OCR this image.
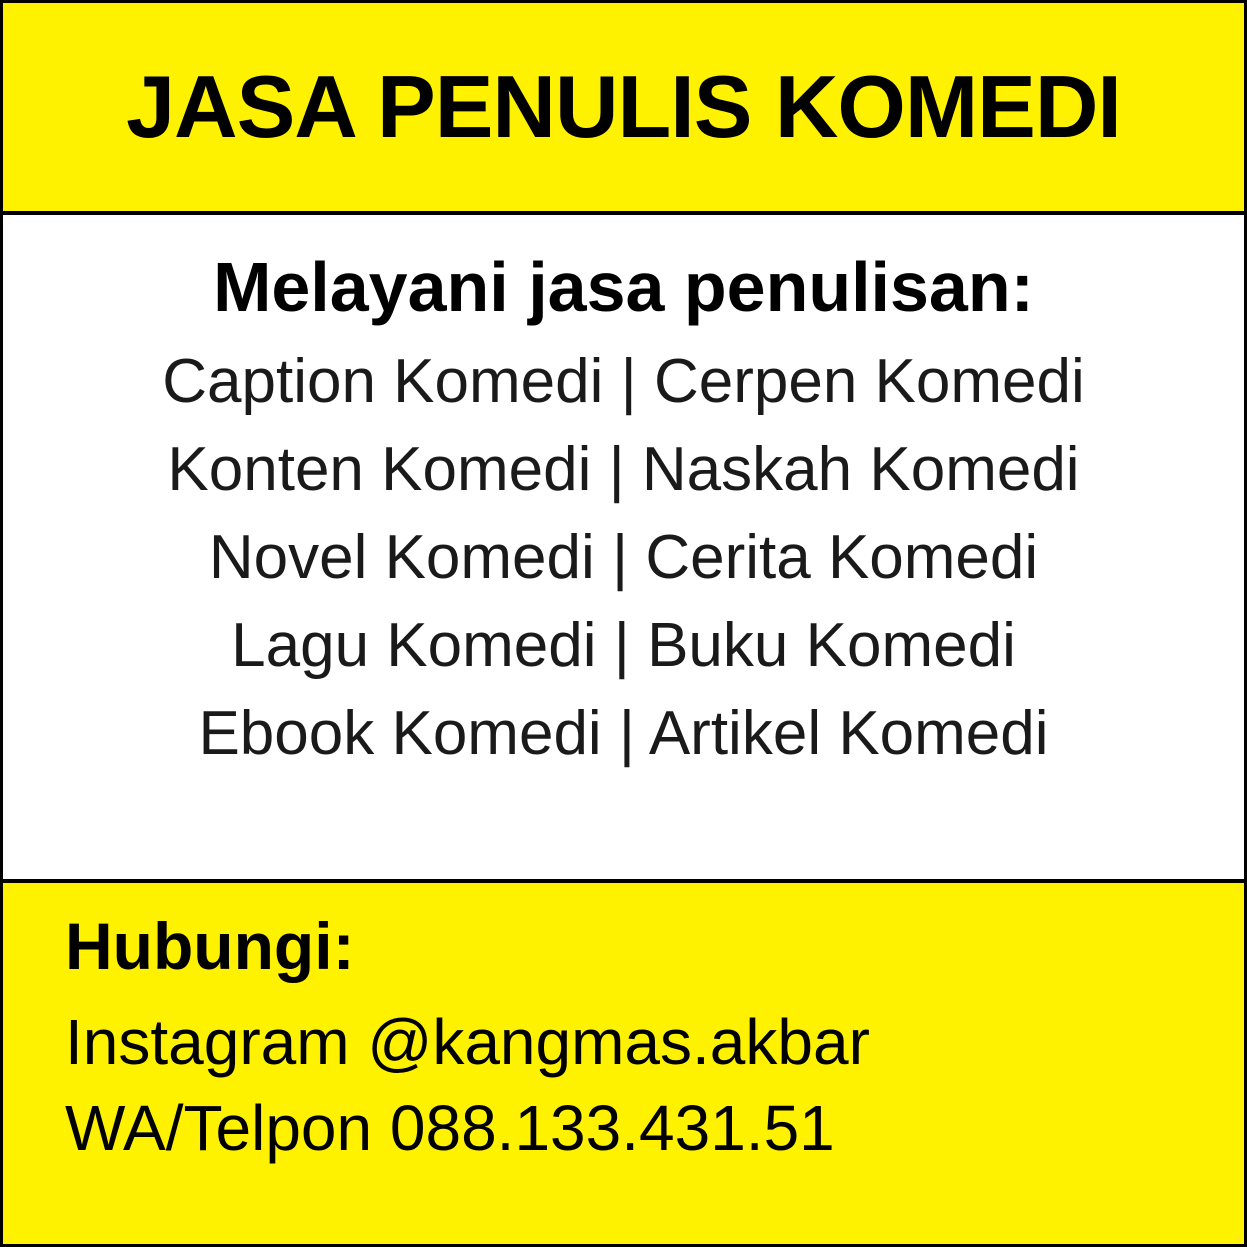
JASA PENULIS KOMEDI
Melayani jasa penulisan:
Caption Komedi | Cerpen Komedi
Konten Komedi | Naskah Komedi
Novel Komedi | Cerita Komedi
Lagu Komedi | Buku Komedi
Ebook Komedi | Artikel Komedi
Hubungi:
Instagram @kangmas.akbar
WA/Telpon 088.133.431.51
